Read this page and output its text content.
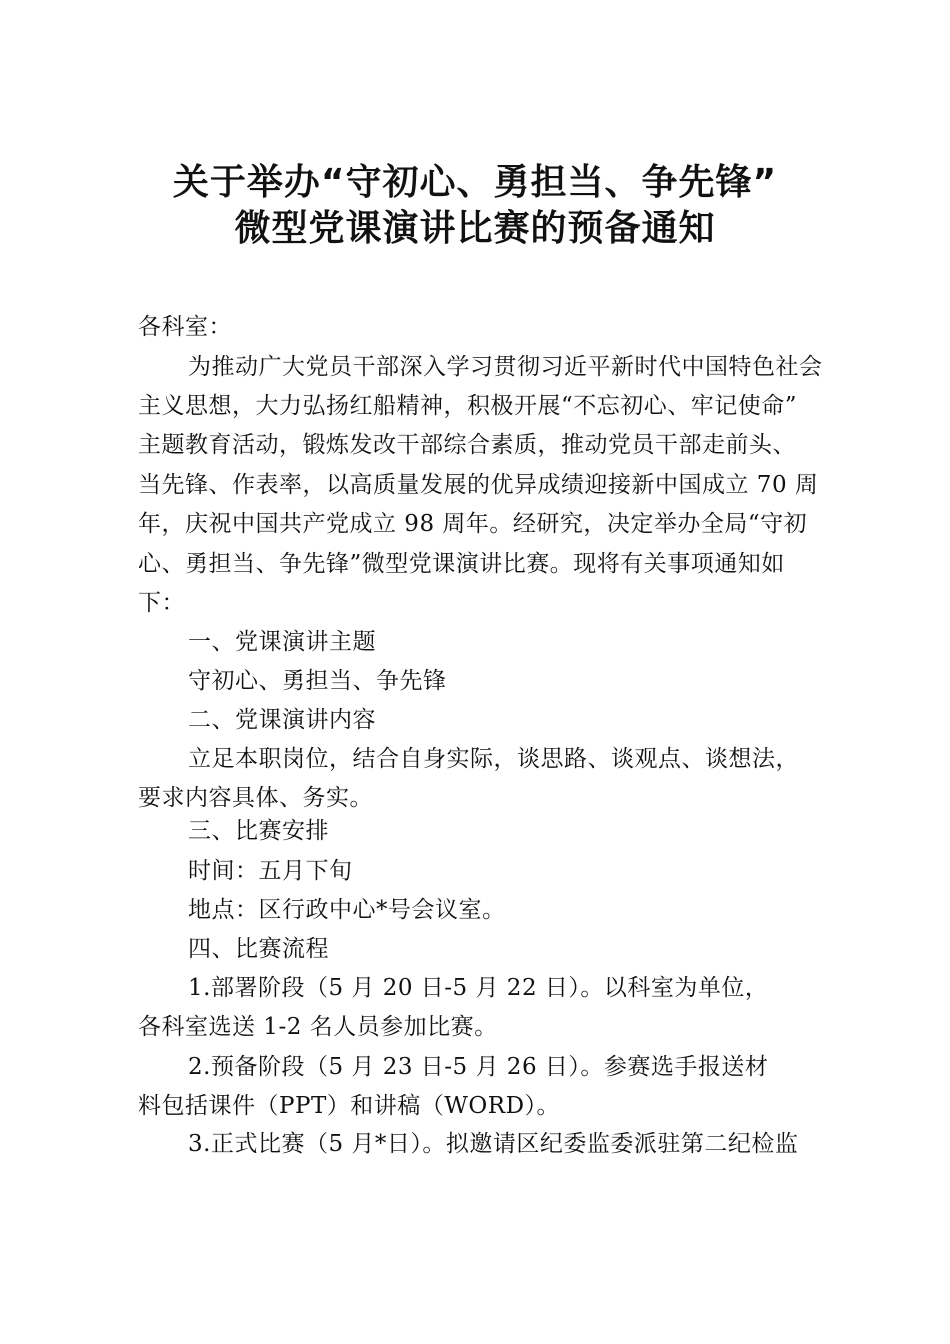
关于举办“守初心、勇担当、争先锋”
微型党课演讲比赛的预备通知
各科室：
为推动广大党员干部深入学习贯彻习近平新时代中国特色社会
主义思想，大力弘扬红船精神，积极开展“不忘初心、牢记使命”
主题教育活动，锻炼发改干部综合素质，推动党员干部走前头、
当先锋、作表率，以高质量发展的优异成绩迎接新中国成立 70 周
年，庆祝中国共产党成立 98 周年。经研究，决定举办全局“守初
心、勇担当、争先锋”微型党课演讲比赛。现将有关事项通知如
下：
一、党课演讲主题
守初心、勇担当、争先锋
二、党课演讲内容
立足本职岗位，结合自身实际，谈思路、谈观点、谈想法，
要求内容具体、务实。
三、比赛安排
时间：五月下旬
地点：区行政中心*号会议室。
四、比赛流程
1.部署阶段（5 月 20 日-5 月 22 日）。以科室为单位，
各科室选送 1-2 名人员参加比赛。
2.预备阶段（5 月 23 日-5 月 26 日）。参赛选手报送材
料包括课件（PPT）和讲稿（WORD）。
3.正式比赛（5 月*日）。拟邀请区纪委监委派驻第二纪检监
